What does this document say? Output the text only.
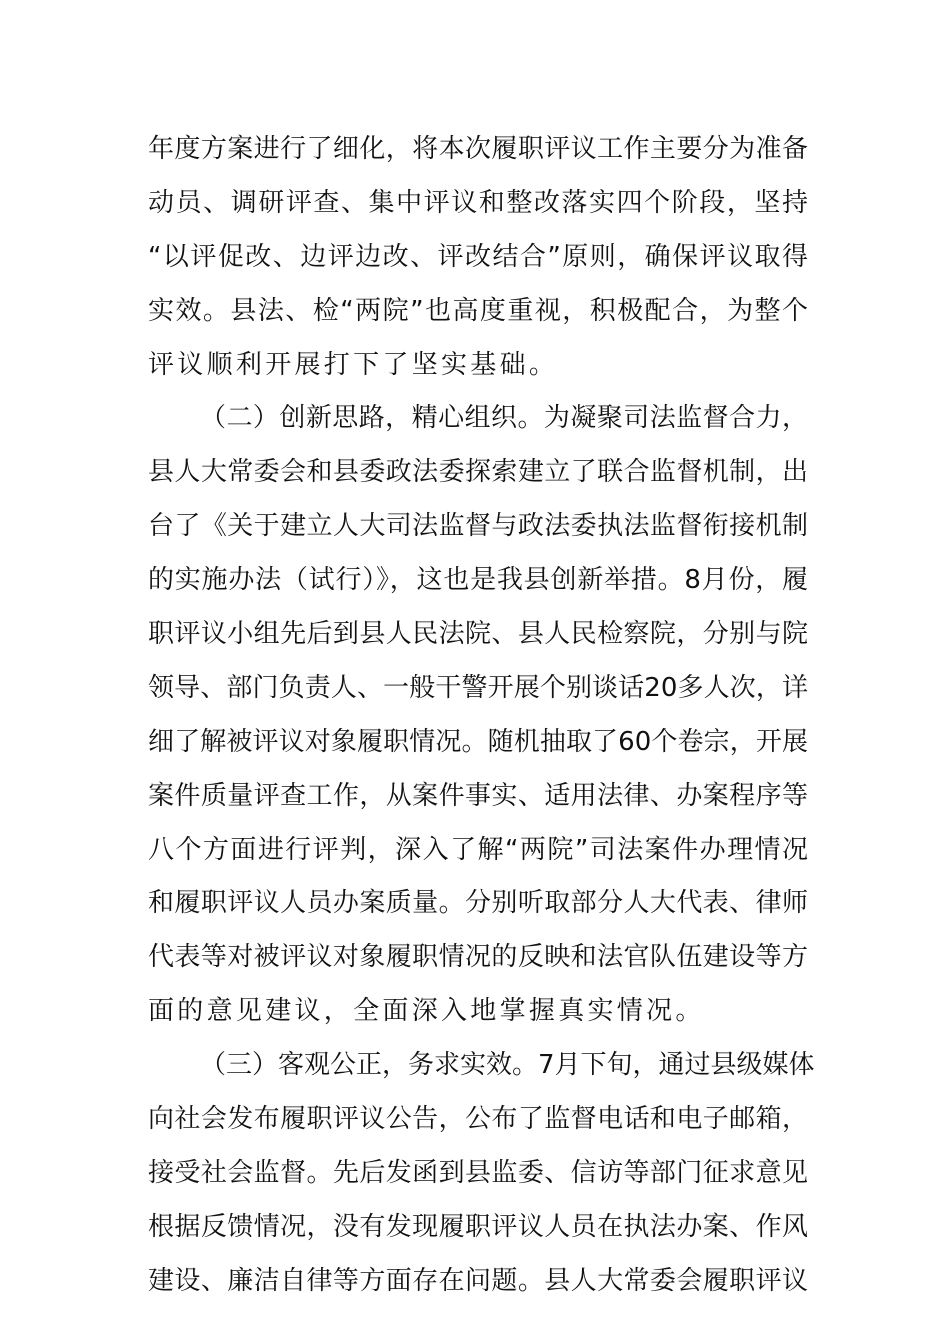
年度方案进行了细化，将本次履职评议工作主要分为准备
动员、调研评查、集中评议和整改落实四个阶段，坚持
“以评促改、边评边改、评改结合”原则，确保评议取得
实效。县法、检“两院”也高度重视，积极配合，为整个
评议顺利开展打下了坚实基础。
（二）创新思路，精心组织。为凝聚司法监督合力，
县人大常委会和县委政法委探索建立了联合监督机制，出
台了《关于建立人大司法监督与政法委执法监督衔接机制
的实施办法（试行）》，这也是我县创新举措。8月份，履
职评议小组先后到县人民法院、县人民检察院，分别与院
领导、部门负责人、一般干警开展个别谈话20多人次，详
细了解被评议对象履职情况。随机抽取了60个卷宗，开展
案件质量评查工作，从案件事实、适用法律、办案程序等
八个方面进行评判，深入了解“两院”司法案件办理情况
和履职评议人员办案质量。分别听取部分人大代表、律师
代表等对被评议对象履职情况的反映和法官队伍建设等方
面的意见建议，全面深入地掌握真实情况。
（三）客观公正，务求实效。7月下旬，通过县级媒体
向社会发布履职评议公告，公布了监督电话和电子邮箱，
接受社会监督。先后发函到县监委、信访等部门征求意见
根据反馈情况，没有发现履职评议人员在执法办案、作风
建设、廉洁自律等方面存在问题。县人大常委会履职评议
